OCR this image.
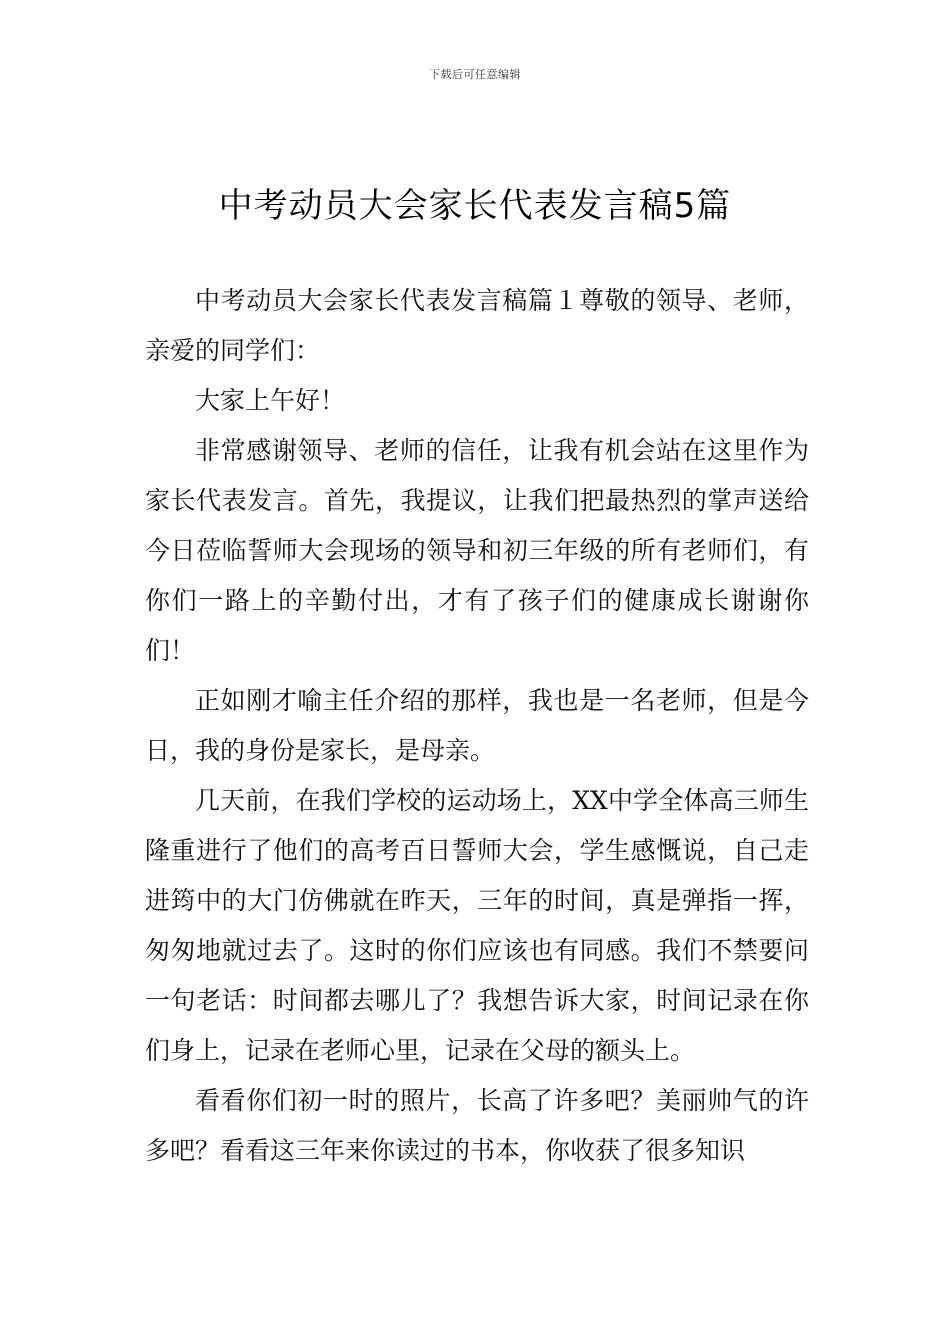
下载后可任意编辑
中考动员大会家长代表发言稿5篇

中考动员大会家长代表发言稿篇１尊敬的领导、老师，亲爱的同学们：

大家上午好！

非常感谢领导、老师的信任，让我有机会站在这里作为家长代表发言。首先，我提议，让我们把最热烈的掌声送给今日莅临誓师大会现场的领导和初三年级的所有老师们，有你们一路上的辛勤付出，才有了孩子们的健康成长谢谢你们！

正如刚才喻主任介绍的那样，我也是一名老师，但是今日，我的身份是家长，是母亲。

几天前，在我们学校的运动场上，XX中学全体高三师生隆重进行了他们的高考百日誓师大会，学生感慨说，自己走进筠中的大门仿佛就在昨天，三年的时间，真是弹指一挥，匆匆地就过去了。这时的你们应该也有同感。我们不禁要问一句老话：时间都去哪儿了？我想告诉大家，时间记录在你们身上，记录在老师心里，记录在父母的额头上。

看看你们初一时的照片，长高了许多吧？美丽帅气的许多吧？看看这三年来你读过的书本，你收获了很多知识
